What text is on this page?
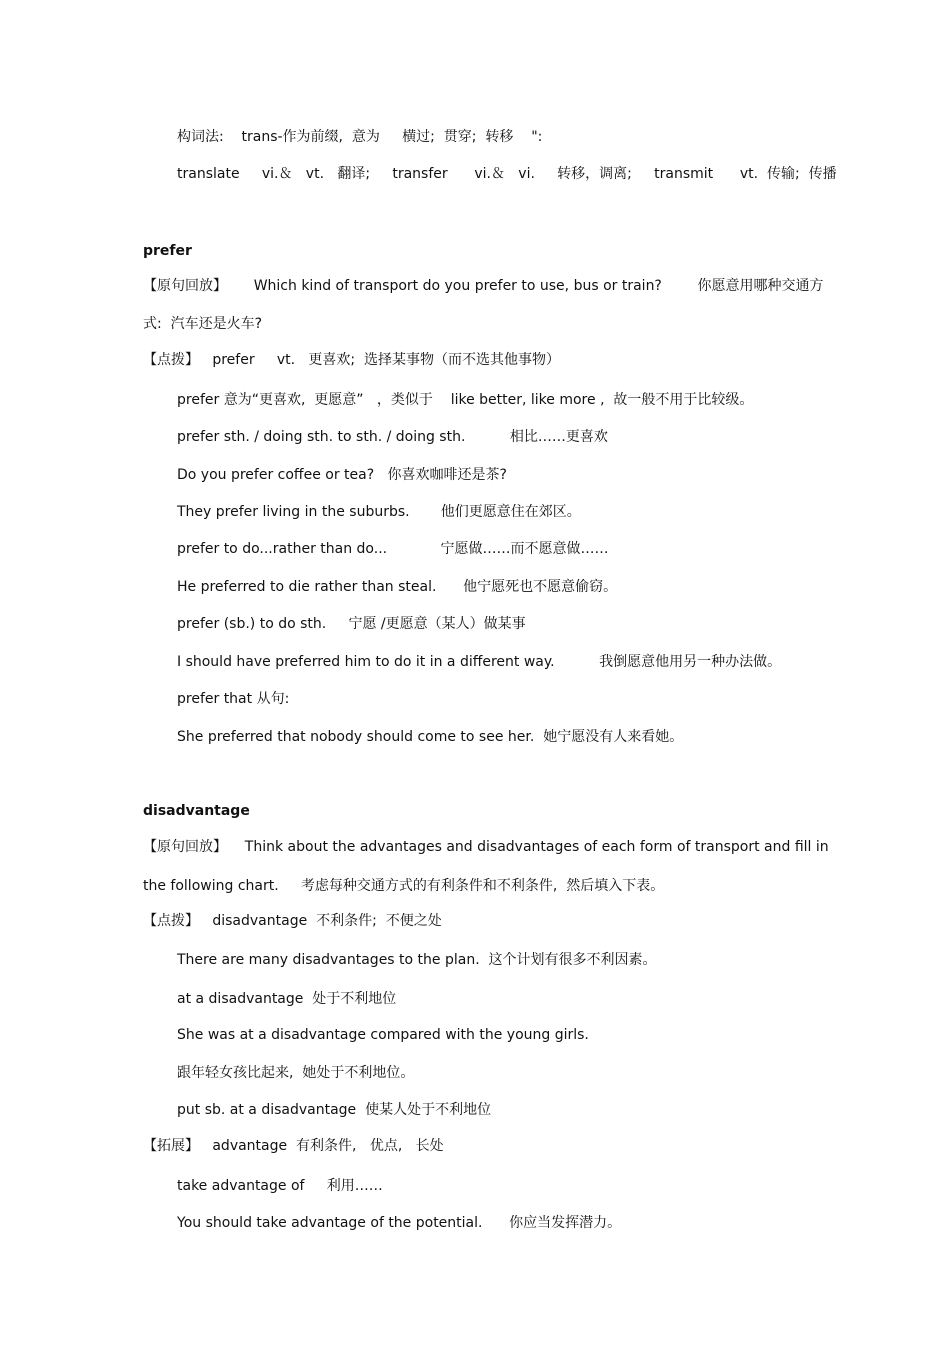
构词法:    trans-作为前缀,  意为     横过;  贯穿;  转移    ":
translate     vi.＆   vt.   翻译;     transfer      vi.＆   vi.     转移，调离;     transmit      vt.  传输;  传播
prefer
【原句回放】      Which kind of transport do you prefer to use, bus or train?        你愿意用哪种交通方
式:  汽车还是火车?
【点拨】   prefer     vt.   更喜欢;  选择某事物（而不选其他事物）
prefer 意为“更喜欢,  更愿意”   ，类似于    like better, like more ,  故一般不用于比较级。
prefer sth. / doing sth. to sth. / doing sth.          相比……更喜欢
Do you prefer coffee or tea?   你喜欢咖啡还是茶?
They prefer living in the suburbs.       他们更愿意住在郊区。
prefer to do...rather than do...            宁愿做……而不愿意做……
He preferred to die rather than steal.      他宁愿死也不愿意偷窃。
prefer (sb.) to do sth.     宁愿 /更愿意（某人）做某事
I should have preferred him to do it in a different way.          我倒愿意他用另一种办法做。
prefer that 从句:
She preferred that nobody should come to see her.  她宁愿没有人来看她。
disadvantage
【原句回放】    Think about the advantages and disadvantages of each form of transport and fill in
the following chart.     考虑每种交通方式的有利条件和不利条件,  然后填入下表。
【点拨】   disadvantage  不利条件;  不便之处
There are many disadvantages to the plan.  这个计划有很多不利因素。
at a disadvantage  处于不利地位
She was at a disadvantage compared with the young girls.
跟年轻女孩比起来,  她处于不利地位。
put sb. at a disadvantage  使某人处于不利地位
【拓展】   advantage  有利条件,   优点,   长处
take advantage of     利用……
You should take advantage of the potential.      你应当发挥潜力。
